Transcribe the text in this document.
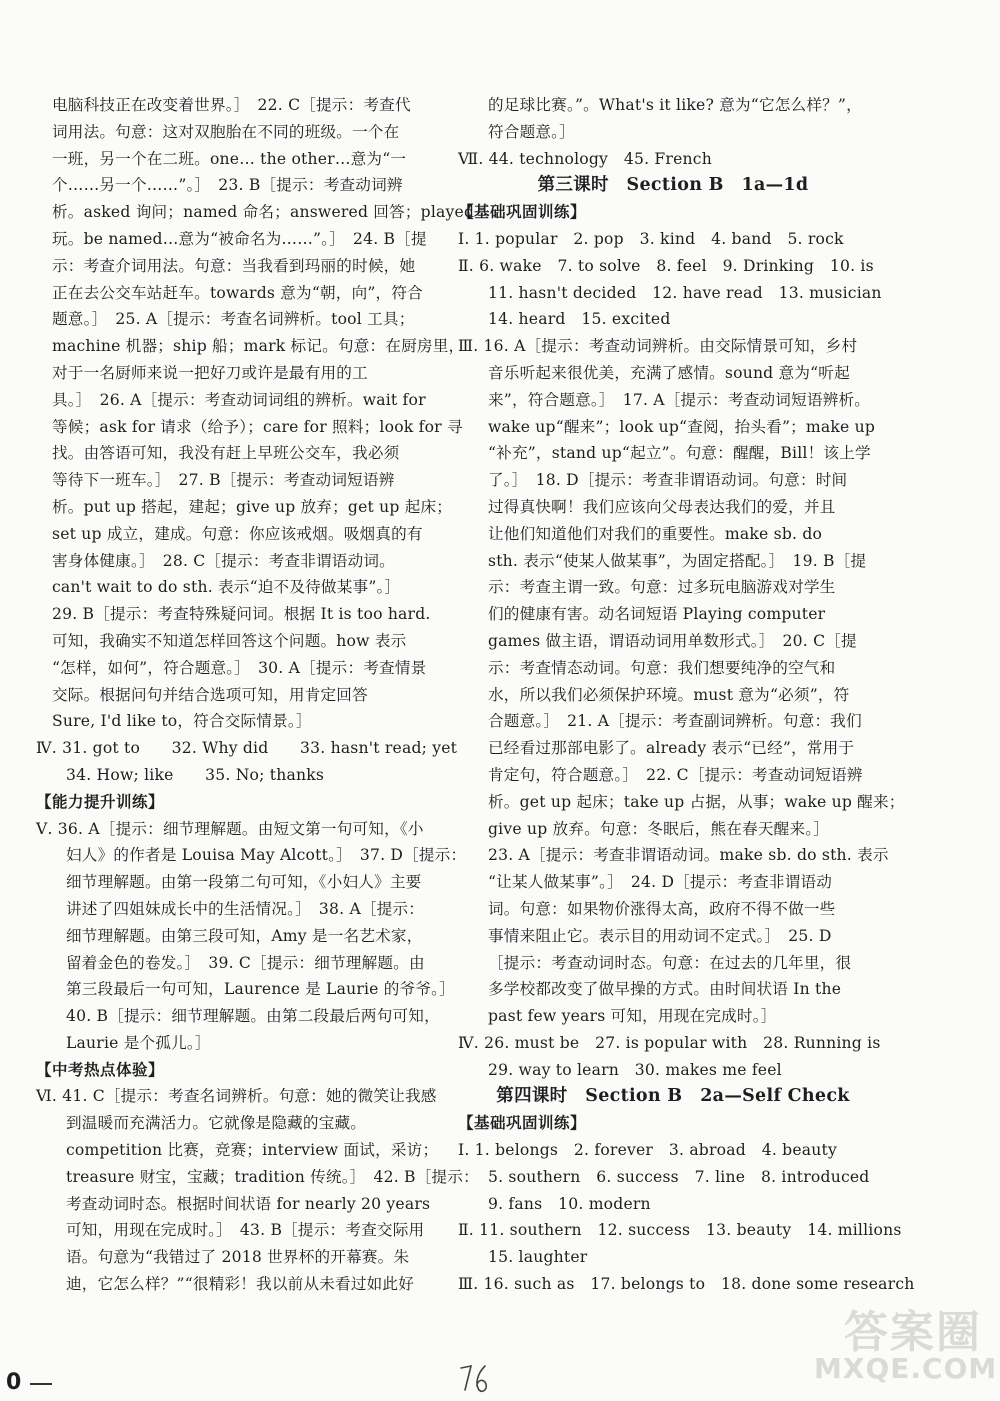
电脑科技正在改变着世界。］　22. C［提示：考查代
词用法。句意：这对双胞胎在不同的班级。一个在
一班，另一个在二班。one… the other…意为“一
个……另一个……”。］　23. B［提示：考查动词辨
析。asked 询问；named 命名；answered 回答；played
玩。be named…意为“被命名为……”。］　24. B［提
示：考查介词用法。句意：当我看到玛丽的时候，她
正在去公交车站赶车。towards 意为“朝，向”，符合
题意。］　25. A［提示：考查名词辨析。tool 工具；
machine 机器；ship 船；mark 标记。句意：在厨房里，
对于一名厨师来说一把好刀或许是最有用的工
具。］　26. A［提示：考查动词词组的辨析。wait for
等候；ask for 请求（给予）；care for 照料；look for 寻
找。由答语可知，我没有赶上早班公交车，我必须
等待下一班车。］　27. B［提示：考查动词短语辨
析。put up 搭起，建起；give up 放弃；get up 起床；
set up 成立，建成。句意：你应该戒烟。吸烟真的有
害身体健康。］　28. C［提示：考查非谓语动词。
can't wait to do sth. 表示“迫不及待做某事”。］
29. B［提示：考查特殊疑问词。根据 It is too hard.
可知，我确实不知道怎样回答这个问题。how 表示
“怎样，如何”，符合题意。］　30. A［提示：考查情景
交际。根据问句并结合选项可知，用肯定回答
Sure, I'd like to，符合交际情景。］
Ⅳ. 31. got to　　32. Why did　　33. hasn't read; yet
34. How; like　　35. No; thanks
【能力提升训练】
Ⅴ. 36. A［提示：细节理解题。由短文第一句可知，《小
妇人》的作者是 Louisa May Alcott。］　37. D［提示：
细节理解题。由第一段第二句可知，《小妇人》主要
讲述了四姐妹成长中的生活情况。］　38. A［提示：
细节理解题。由第三段可知，Amy 是一名艺术家，
留着金色的卷发。］　39. C［提示：细节理解题。由
第三段最后一句可知，Laurence 是 Laurie 的爷爷。］
40. B［提示：细节理解题。由第二段最后两句可知，
Laurie 是个孤儿。］
【中考热点体验】
Ⅵ. 41. C［提示：考查名词辨析。句意：她的微笑让我感
到温暖而充满活力。它就像是隐藏的宝藏。
competition 比赛，竞赛；interview 面试，采访；
treasure 财宝，宝藏；tradition 传统。］　42. B［提示：
考查动词时态。根据时间状语 for nearly 20 years
可知，用现在完成时。］　43. B［提示：考查交际用
语。句意为“我错过了 2018 世界杯的开幕赛。朱
迪，它怎么样？”“很精彩！我以前从未看过如此好
的足球比赛。”。What's it like? 意为“它怎么样？”，
符合题意。］
Ⅶ. 44. technology　45. French
第三课时　Section B　1a—1d
【基础巩固训练】
Ⅰ. 1. popular　2. pop　3. kind　4. band　5. rock
Ⅱ. 6. wake　7. to solve　8. feel　9. Drinking　10. is
11. hasn't decided　12. have read　13. musician
14. heard　15. excited
Ⅲ. 16. A［提示：考查动词辨析。由交际情景可知，乡村
音乐听起来很优美，充满了感情。sound 意为“听起
来”，符合题意。］　17. A［提示：考查动词短语辨析。
wake up“醒来”；look up“查阅，抬头看”；make up
“补充”，stand up“起立”。句意：醒醒，Bill！该上学
了。］　18. D［提示：考查非谓语动词。句意：时间
过得真快啊！我们应该向父母表达我们的爱，并且
让他们知道他们对我们的重要性。make sb. do
sth. 表示“使某人做某事”，为固定搭配。］　19. B［提
示：考查主谓一致。句意：过多玩电脑游戏对学生
们的健康有害。动名词短语 Playing computer
games 做主语，谓语动词用单数形式。］　20. C［提
示：考查情态动词。句意：我们想要纯净的空气和
水，所以我们必须保护环境。must 意为“必须”，符
合题意。］　21. A［提示：考查副词辨析。句意：我们
已经看过那部电影了。already 表示“已经”，常用于
肯定句，符合题意。］　22. C［提示：考查动词短语辨
析。get up 起床；take up 占据，从事；wake up 醒来；
give up 放弃。句意：冬眠后，熊在春天醒来。］
23. A［提示：考查非谓语动词。make sb. do sth. 表示
“让某人做某事”。］　24. D［提示：考查非谓语动
词。句意：如果物价涨得太高，政府不得不做一些
事情来阻止它。表示目的用动词不定式。］　25. D
［提示：考查动词时态。句意：在过去的几年里，很
多学校都改变了做早操的方式。由时间状语 In the
past few years 可知，用现在完成时。］
Ⅳ. 26. must be　27. is popular with　28. Running is
29. way to learn　30. makes me feel
第四课时　Section B　2a—Self Check
【基础巩固训练】
Ⅰ. 1. belongs　2. forever　3. abroad　4. beauty
5. southern　6. success　7. line　8. introduced
9. fans　10. modern
Ⅱ. 11. southern　12. success　13. beauty　14. millions
15. laughter
Ⅲ. 16. such as　17. belongs to　18. done some research
0
答案圈
MXQE.COM
